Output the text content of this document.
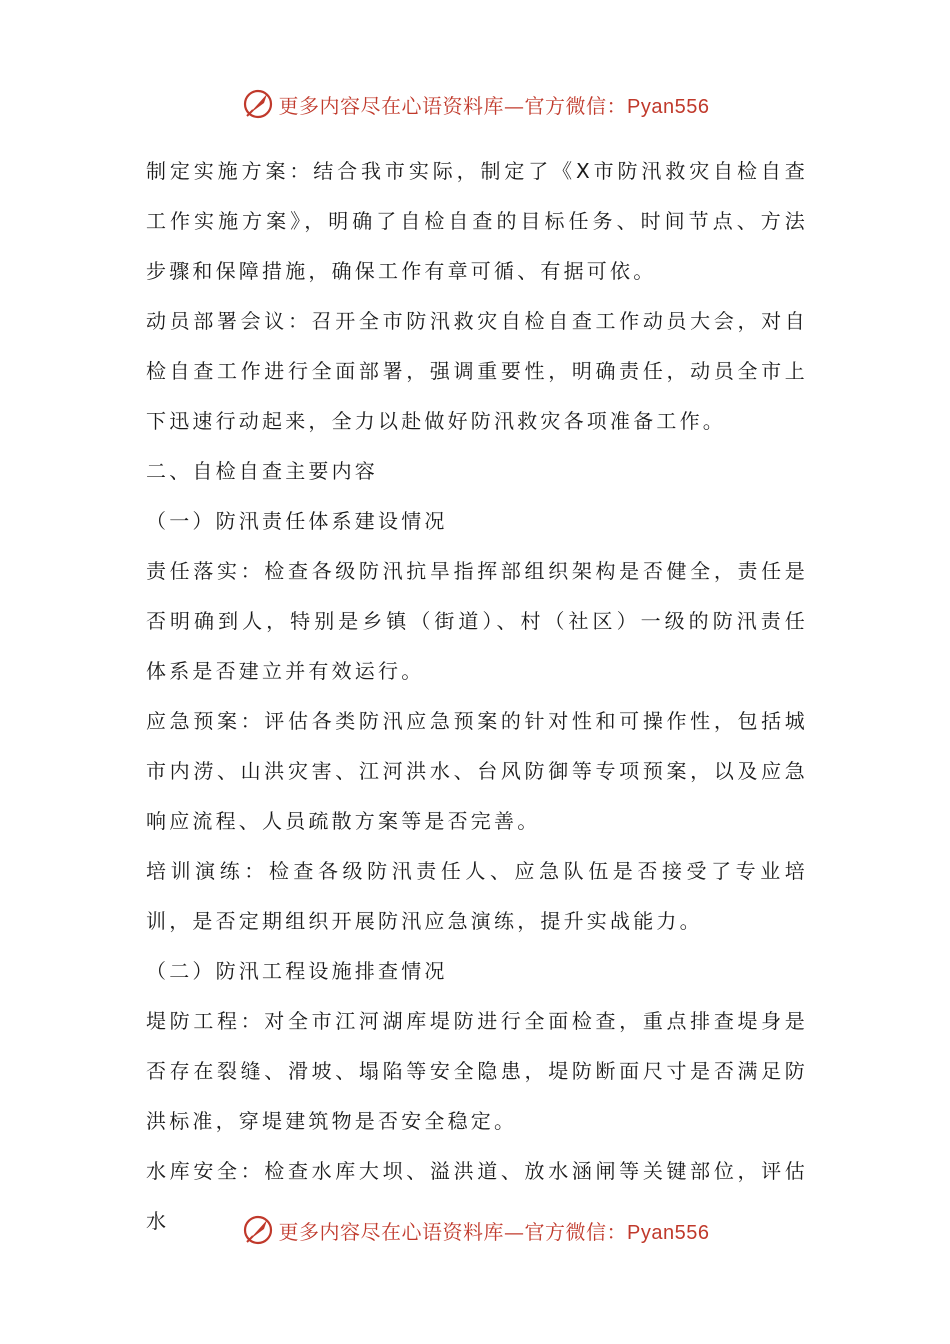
更多内容尽在心语资料库—官方微信：Pyan556

制定实施方案：结合我市实际，制定了《X市防汛救灾自检自查工作实施方案》，明确了自检自查的目标任务、时间节点、方法步骤和保障措施，确保工作有章可循、有据可依。

动员部署会议：召开全市防汛救灾自检自查工作动员大会，对自检自查工作进行全面部署，强调重要性，明确责任，动员全市上下迅速行动起来，全力以赴做好防汛救灾各项准备工作。

二、自检自查主要内容

（一）防汛责任体系建设情况

责任落实：检查各级防汛抗旱指挥部组织架构是否健全，责任是否明确到人，特别是乡镇（街道）、村（社区）一级的防汛责任体系是否建立并有效运行。

应急预案：评估各类防汛应急预案的针对性和可操作性，包括城市内涝、山洪灾害、江河洪水、台风防御等专项预案，以及应急响应流程、人员疏散方案等是否完善。

培训演练：检查各级防汛责任人、应急队伍是否接受了专业培训，是否定期组织开展防汛应急演练，提升实战能力。

（二）防汛工程设施排查情况

堤防工程：对全市江河湖库堤防进行全面检查，重点排查堤身是否存在裂缝、滑坡、塌陷等安全隐患，堤防断面尺寸是否满足防洪标准，穿堤建筑物是否安全稳定。

水库安全：检查水库大坝、溢洪道、放水涵闸等关键部位，评估水	更多内容尽在心语资料库—官方微信：Pyan556
